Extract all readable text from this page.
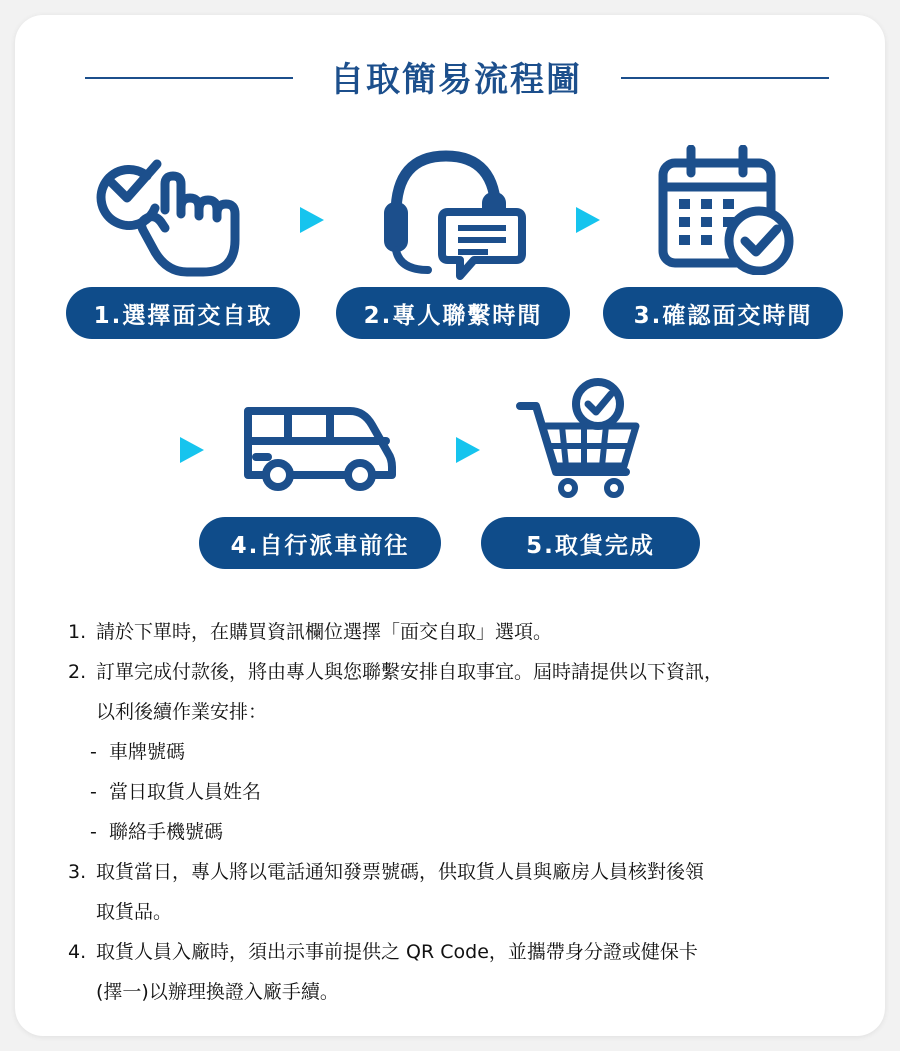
自取簡易流程圖
1.選擇面交自取	2.專人聯繫時間	3.確認面交時間
4.自行派車前往	5.取貨完成
1. 請於下單時，在購買資訊欄位選擇「面交自取」選項。
2. 訂單完成付款後，將由專人與您聯繫安排自取事宜。屆時請提供以下資訊，
以利後續作業安排：
- 車牌號碼
- 當日取貨人員姓名
- 聯絡手機號碼
3. 取貨當日，專人將以電話通知發票號碼，供取貨人員與廠房人員核對後領
取貨品。
4. 取貨人員入廠時，須出示事前提供之 QR Code，並攜帶身分證或健保卡
(擇一)以辦理換證入廠手續。
